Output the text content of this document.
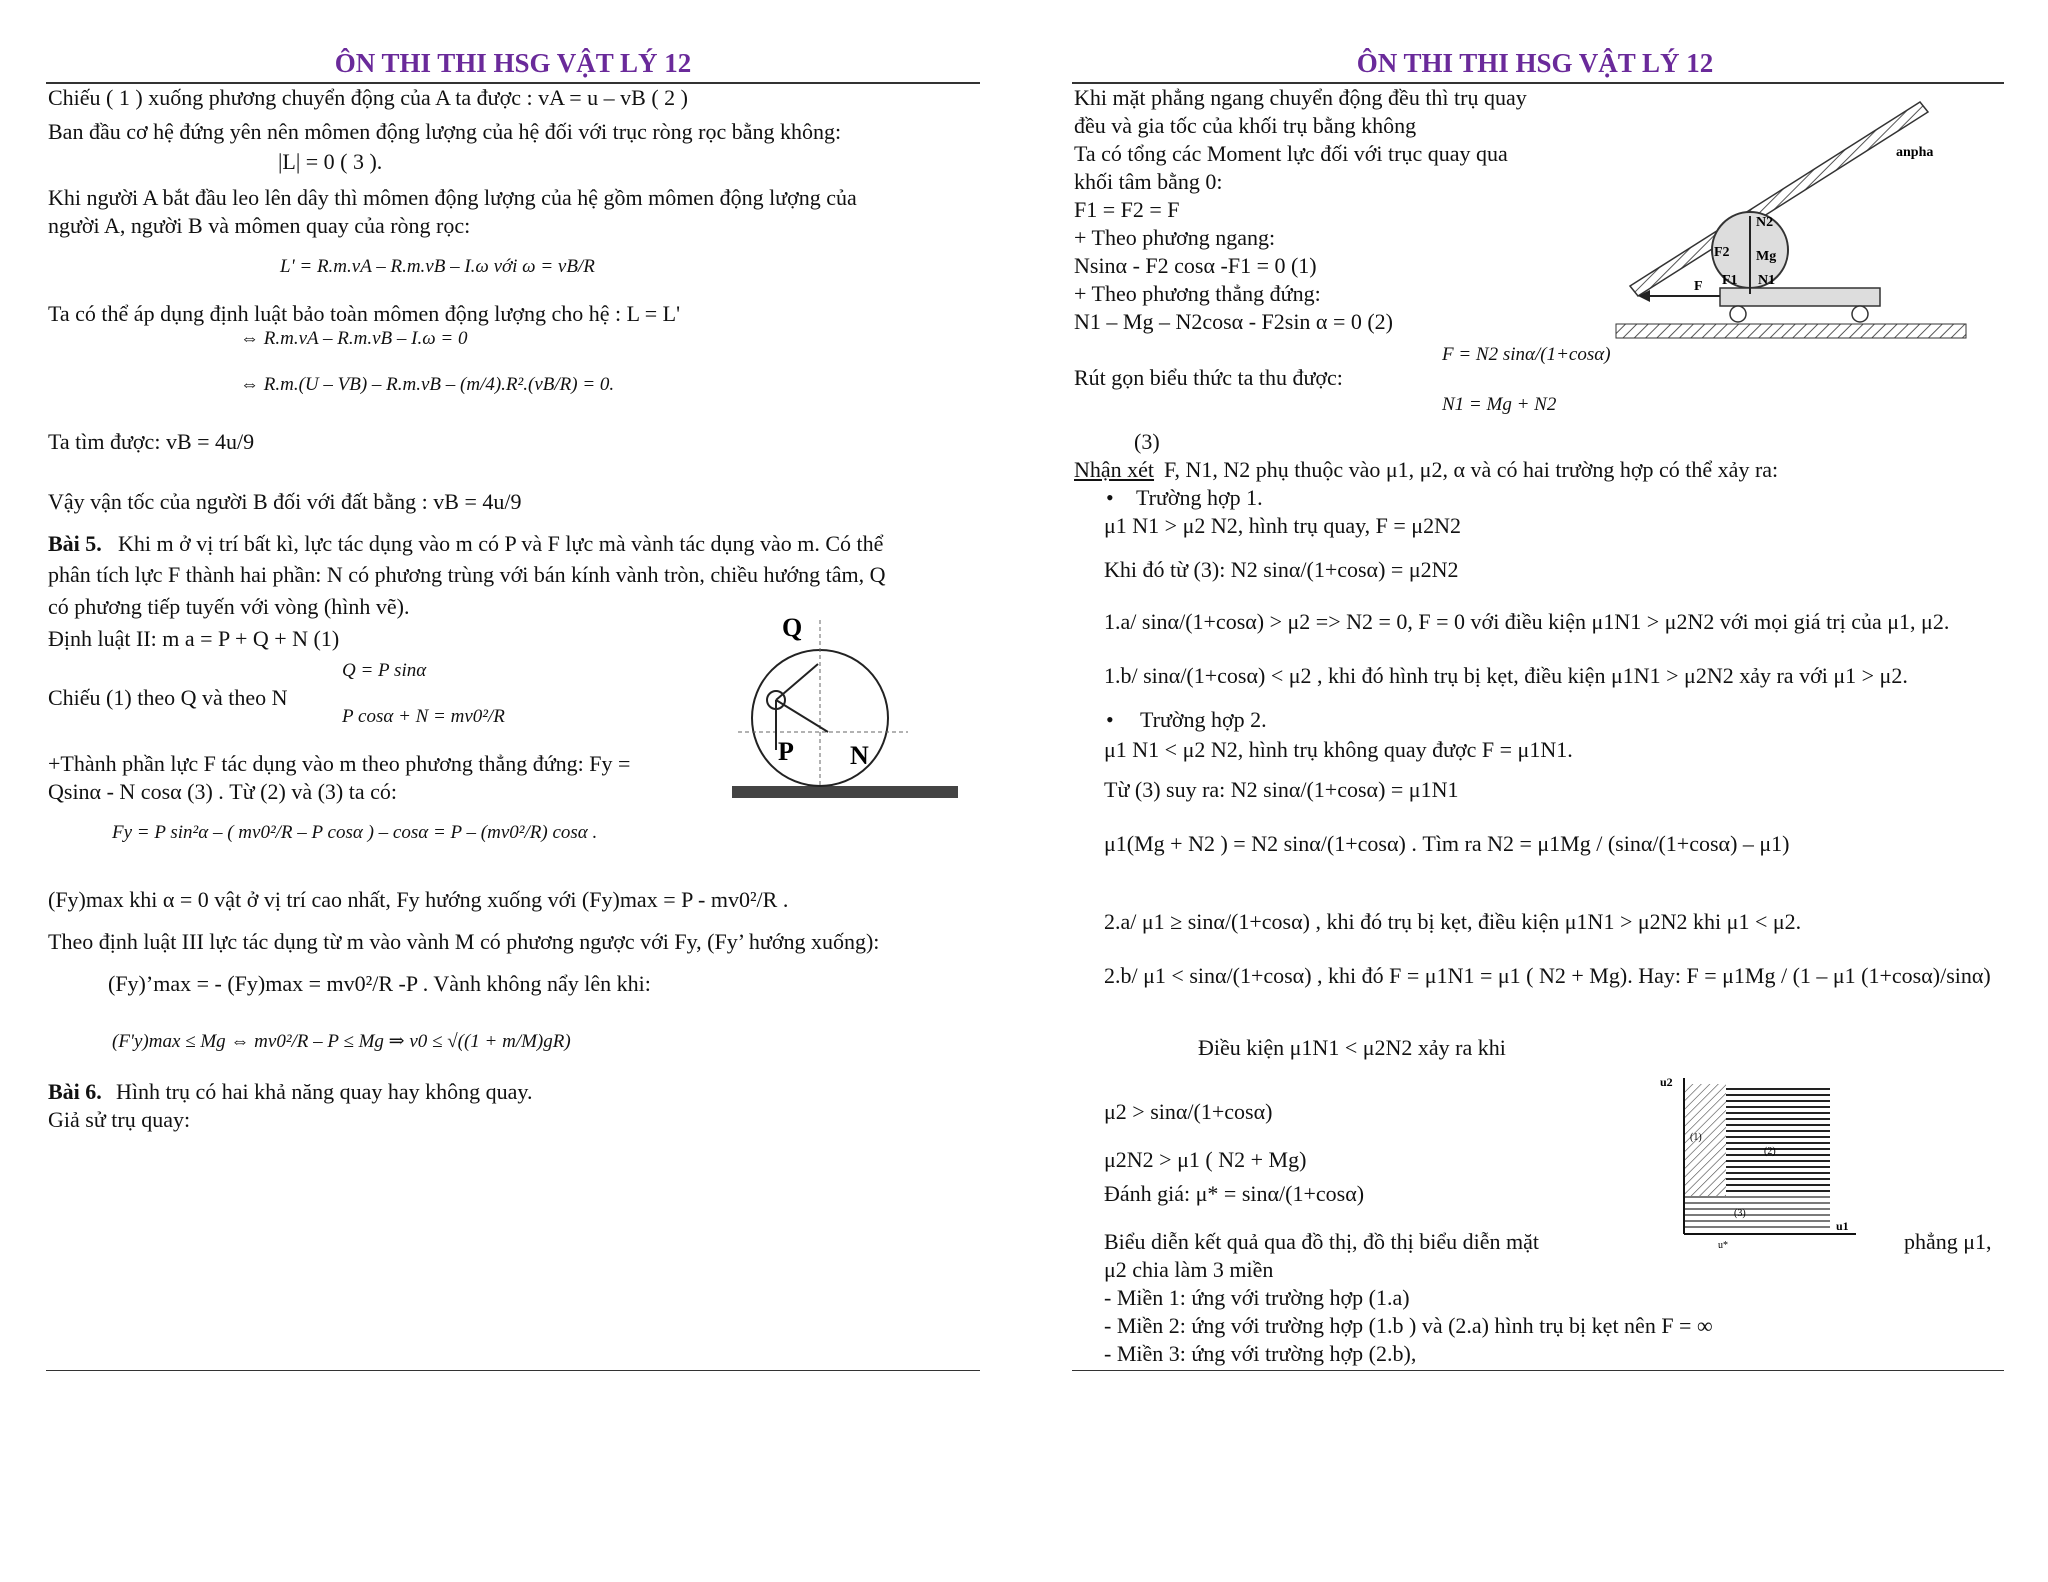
ÔN THI THI HSG VẬT LÝ 12
Chiếu ( 1 ) xuống phương chuyển động của A ta được : vA = u – vB ( 2 )
Ban đầu cơ hệ đứng yên nên mômen động lượng của hệ đối với trục ròng rọc bằng không:
|L| = 0 ( 3 ).
Khi người A bắt đầu leo lên dây thì mômen động lượng của hệ gồm mômen động lượng của
người A, người B và mômen quay của ròng rọc:
L' = R.m.vA – R.m.vB – I.ω với ω = vB/R
Ta có thể áp dụng định luật bảo toàn mômen động lượng cho hệ : L = L'
⇔ R.m.vA – R.m.vB – I.ω = 0
⇔ R.m.(U – VB) – R.m.vB – (m/4).R².(vB/R) = 0.
Ta tìm được: vB = 4u/9
Vậy vận tốc của người B đối với đất bằng : vB = 4u/9
Bài 5. Khi m ở vị trí bất kì, lực tác dụng vào m có P và F lực mà vành tác dụng vào m. Có thể
phân tích lực F thành hai phần: N có phương trùng với bán kính vành tròn, chiều hướng tâm, Q
có phương tiếp tuyến với vòng (hình vẽ).
Định luật II: m a = P + Q + N (1)
Chiếu (1) theo Q và theo N
Q = P sinα
P cosα + N = mv0²/R
+Thành phần lực F tác dụng vào m theo phương thẳng đứng: Fy =
Qsinα - N cosα (3) . Từ (2) và (3) ta có:
Fy = P sin²α – ( mv0²/R – P cosα ) – cosα = P – (mv0²/R) cosα .
(Fy)max khi α = 0 vật ở vị trí cao nhất, Fy hướng xuống với (Fy)max = P - mv0²/R .
Theo định luật III lực tác dụng từ m vào vành M có phương ngược với Fy, (Fy’ hướng xuống):
(Fy)’max = - (Fy)max = mv0²/R -P . Vành không nẩy lên khi:
(F'y)max ≤ Mg ⇔ mv0²/R – P ≤ Mg ⇒ v0 ≤ √((1 + m/M)gR)
Bài 6. Hình trụ có hai khả năng quay hay không quay.
Giả sử trụ quay:
Q
P N
ÔN THI THI HSG VẬT LÝ 12
Khi mặt phẳng ngang chuyển động đều thì trụ quay
đều và gia tốc của khối trụ bằng không
Ta có tổng các Moment lực đối với trục quay qua
khối tâm bằng 0:
F1 = F2 = F
+ Theo phương ngang:
Nsinα - F2 cosα -F1 = 0 (1)
+ Theo phương thẳng đứng:
N1 – Mg – N2cosα - F2sin α = 0 (2)
Rút gọn biểu thức ta thu được:
F = N2 sinα/(1+cosα)
N1 = Mg + N2
(3)
Nhận xét F, N1, N2 phụ thuộc vào μ1, μ2, α và có hai trường hợp có thể xảy ra:
• Trường hợp 1.
μ1 N1 > μ2 N2, hình trụ quay, F = μ2N2
Khi đó từ (3): N2 sinα/(1+cosα) = μ2N2
1.a/ sinα/(1+cosα) > μ2 => N2 = 0, F = 0 với điều kiện μ1N1 > μ2N2 với mọi giá trị của μ1, μ2.
1.b/ sinα/(1+cosα) < μ2 , khi đó hình trụ bị kẹt, điều kiện μ1N1 > μ2N2 xảy ra với μ1 > μ2.
• Trường hợp 2.
μ1 N1 < μ2 N2, hình trụ không quay được F = μ1N1.
Từ (3) suy ra: N2 sinα/(1+cosα) = μ1N1
μ1(Mg + N2 ) = N2 sinα/(1+cosα) . Tìm ra N2 = μ1Mg / (sinα/(1+cosα) – μ1)
2.a/ μ1 ≥ sinα/(1+cosα) , khi đó trụ bị kẹt, điều kiện μ1N1 > μ2N2 khi μ1 < μ2.
2.b/ μ1 < sinα/(1+cosα) , khi đó F = μ1N1 = μ1 ( N2 + Mg). Hay: F = μ1Mg / (1 – μ1 (1+cosα)/sinα)
Điều kiện μ1N1 < μ2N2 xảy ra khi
μ2 > sinα/(1+cosα)
μ2N2 > μ1 ( N2 + Mg)
Đánh giá: μ* = sinα/(1+cosα)
Biểu diễn kết quả qua đồ thị, đồ thị biểu diễn mặt	phẳng μ1,
μ2 chia làm 3 miền
- Miền 1: ứng với trường hợp (1.a)
- Miền 2: ứng với trường hợp (1.b ) và (2.a) hình trụ bị kẹt nên F = ∞
- Miền 3: ứng với trường hợp (2.b),
anpha
N2
Mg
F2
F1 N1
F
u2
u1
u*
(1)
(2)
(3)
